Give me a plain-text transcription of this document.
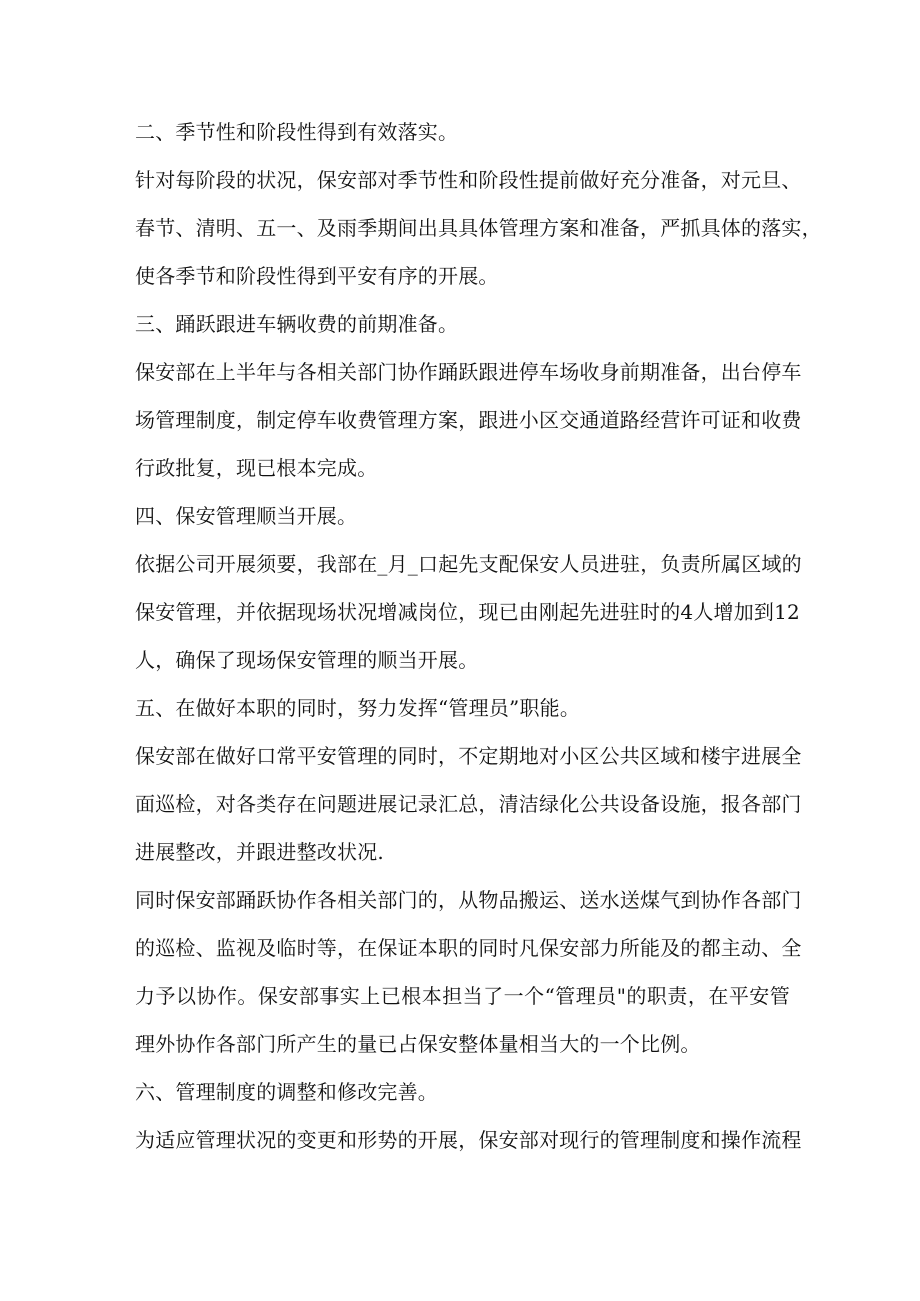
二、季节性和阶段性得到有效落实。
针对每阶段的状况，保安部对季节性和阶段性提前做好充分准备，对元旦、
春节、清明、五一、及雨季期间出具具体管理方案和准备，严抓具体的落实，
使各季节和阶段性得到平安有序的开展。
三、踊跃跟进车辆收费的前期准备。
保安部在上半年与各相关部门协作踊跃跟进停车场收身前期准备，出台停车
场管理制度，制定停车收费管理方案，跟进小区交通道路经营许可证和收费
行政批复，现已根本完成。
四、保安管理顺当开展。
依据公司开展须要，我部在_月_口起先支配保安人员进驻，负责所属区域的
保安管理，并依据现场状况增减岗位，现已由刚起先进驻时的4人增加到12
人，确保了现场保安管理的顺当开展。
五、在做好本职的同时，努力发挥“管理员”职能。
保安部在做好口常平安管理的同时，不定期地对小区公共区域和楼宇进展全
面巡检，对各类存在问题进展记录汇总，清洁绿化公共设备设施，报各部门
进展整改，并跟进整改状况.
同时保安部踊跃协作各相关部门的，从物品搬运、送水送煤气到协作各部门
的巡检、监视及临时等，在保证本职的同时凡保安部力所能及的都主动、全
力予以协作。保安部事实上已根本担当了一个“管理员"的职责，在平安管
理外协作各部门所产生的量已占保安整体量相当大的一个比例。
六、管理制度的调整和修改完善。
为适应管理状况的变更和形势的开展，保安部对现行的管理制度和操作流程
